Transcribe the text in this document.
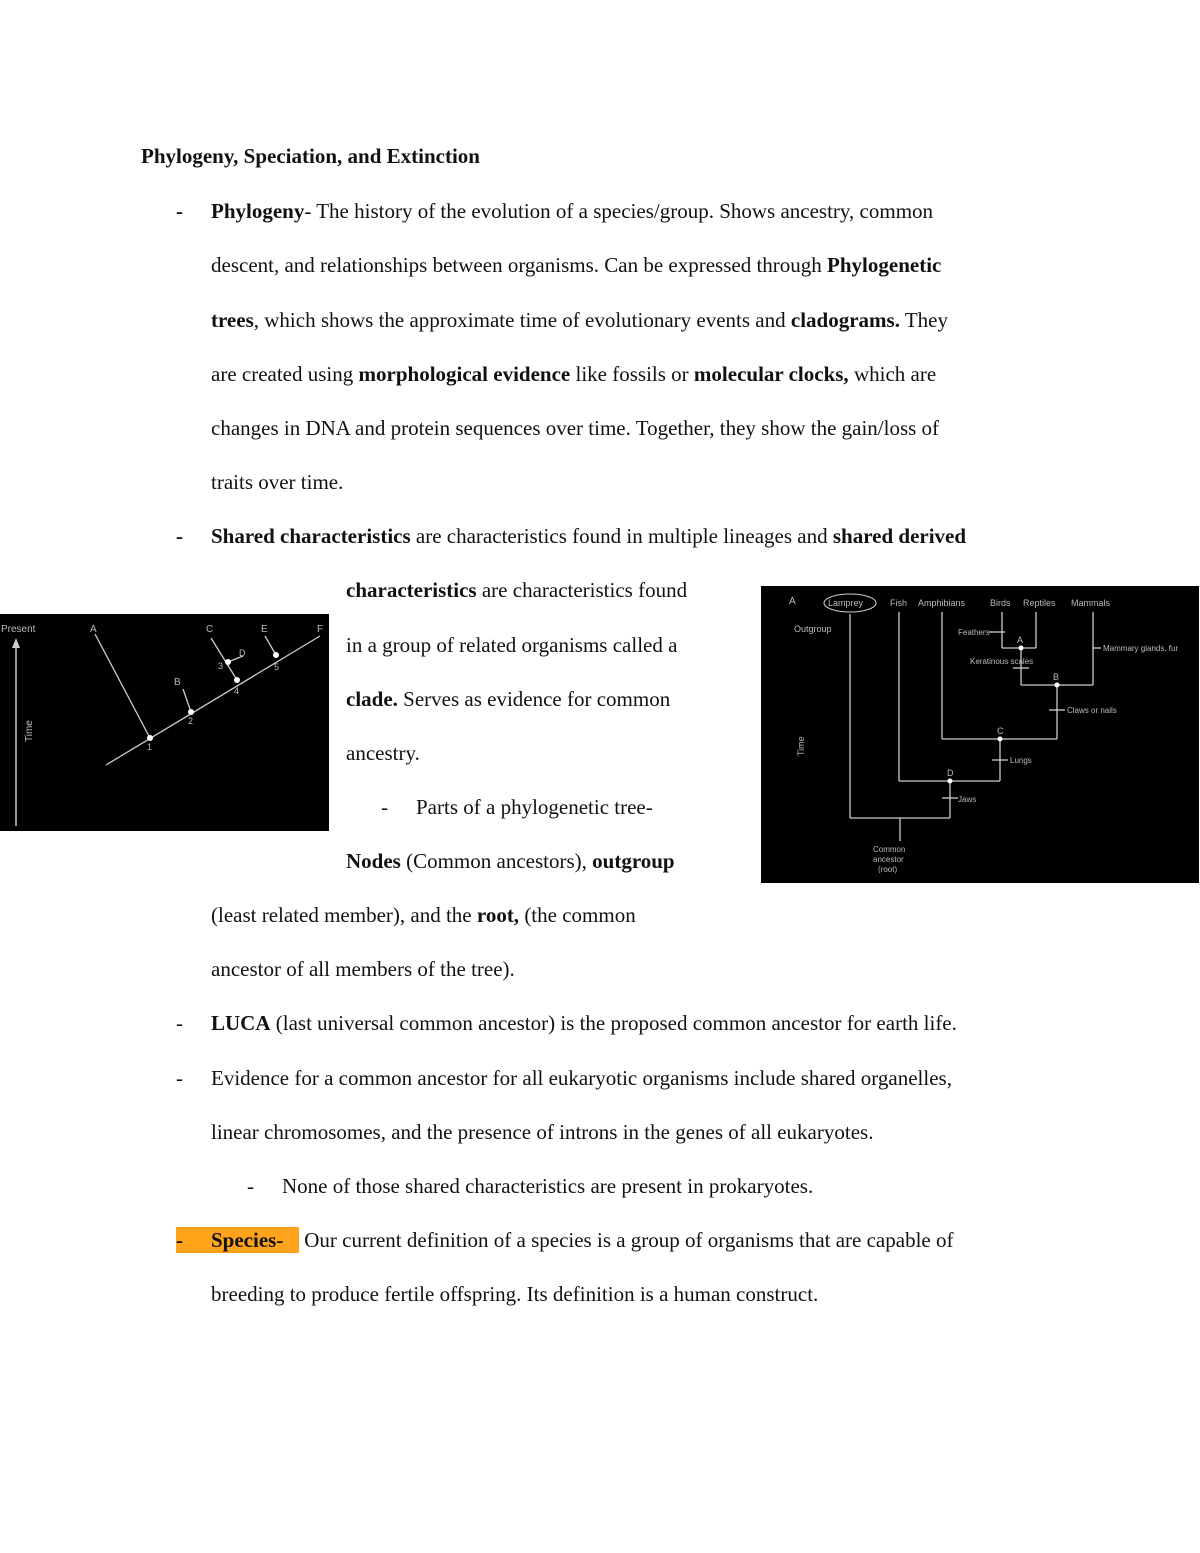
Phylogeny, Speciation, and Extinction
- Phylogeny- The history of the evolution of a species/group. Shows ancestry, common
descent, and relationships between organisms. Can be expressed through Phylogenetic
trees, which shows the approximate time of evolutionary events and cladograms. They
are created using morphological evidence like fossils or molecular clocks, which are
changes in DNA and protein sequences over time. Together, they show the gain/loss of
traits over time.
- Shared characteristics are characteristics found in multiple lineages and shared derived
characteristics are characteristics found
in a group of related organisms called a
clade. Serves as evidence for common
ancestry.
- Parts of a phylogenetic tree-
Nodes (Common ancestors), outgroup
(least related member), and the root, (the common
ancestor of all members of the tree).
- LUCA (last universal common ancestor) is the proposed common ancestor for earth life.
- Evidence for a common ancestor for all eukaryotic organisms include shared organelles,
linear chromosomes, and the presence of introns in the genes of all eukaryotes.
- None of those shared characteristics are present in prokaryotes.
- Species- Our current definition of a species is a group of organisms that are capable of
breeding to produce fertile offspring. Its definition is a human construct.
Present
Time
A	C	E	F
B
D
1
2
3
4
5
A	Lamprey	Fish Amphibians	Birds Reptiles Mammals
Outgroup	Feathers
Keratinous scales
Mammary glands, fur
Claws or nails
Lungs
Jaws
A
B
C
D
Time
Common
ancestor
(root)
